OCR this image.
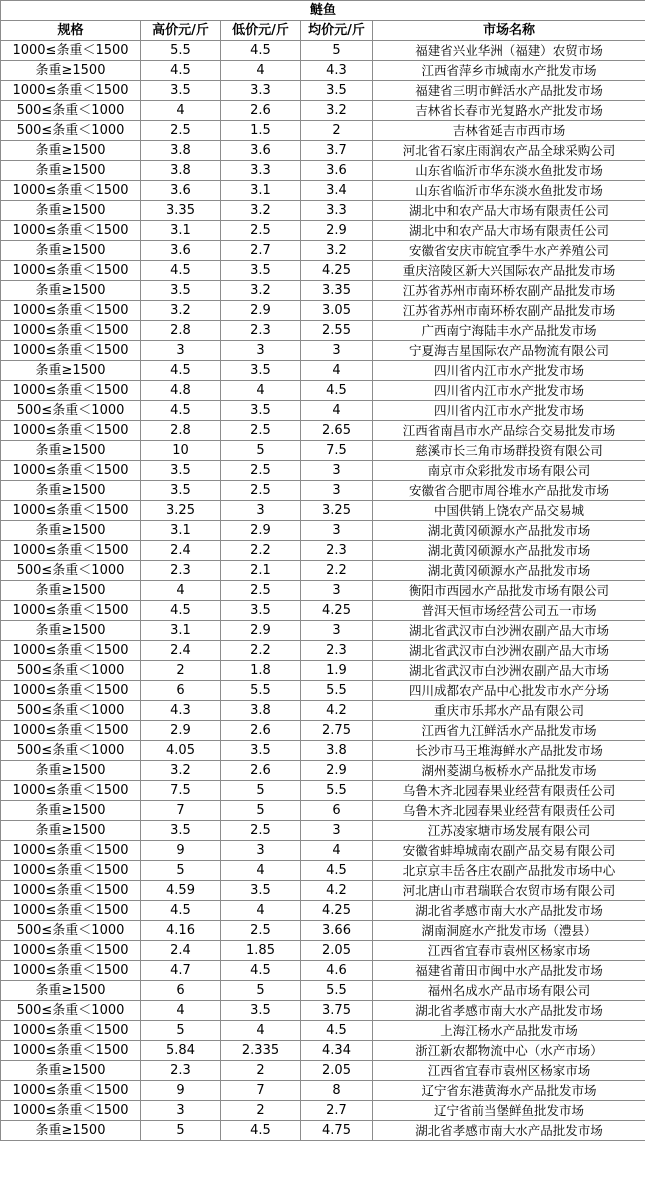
鲢鱼				
规格	高价元/斤	低价元/斤	均价元/斤	市场名称
1000≤条重＜1500	5.5	4.5	5	福建省兴业华洲（福建）农贸市场
条重≥1500	4.5	4	4.3	江西省萍乡市城南水产批发市场
1000≤条重＜1500	3.5	3.3	3.5	福建省三明市鲜活水产品批发市场
500≤条重＜1000	4	2.6	3.2	吉林省长春市光复路水产批发市场
500≤条重＜1000	2.5	1.5	2	吉林省延吉市西市场
条重≥1500	3.8	3.6	3.7	河北省石家庄雨润农产品全球采购公司
条重≥1500	3.8	3.3	3.6	山东省临沂市华东淡水鱼批发市场
1000≤条重＜1500	3.6	3.1	3.4	山东省临沂市华东淡水鱼批发市场
条重≥1500	3.35	3.2	3.3	湖北中和农产品大市场有限责任公司
1000≤条重＜1500	3.1	2.5	2.9	湖北中和农产品大市场有限责任公司
条重≥1500	3.6	2.7	3.2	安徽省安庆市皖宜季牛水产养殖公司
1000≤条重＜1500	4.5	3.5	4.25	重庆涪陵区新大兴国际农产品批发市场
条重≥1500	3.5	3.2	3.35	江苏省苏州市南环桥农副产品批发市场
1000≤条重＜1500	3.2	2.9	3.05	江苏省苏州市南环桥农副产品批发市场
1000≤条重＜1500	2.8	2.3	2.55	广西南宁海陆丰水产品批发市场
1000≤条重＜1500	3	3	3	宁夏海吉星国际农产品物流有限公司
条重≥1500	4.5	3.5	4	四川省内江市水产批发市场
1000≤条重＜1500	4.8	4	4.5	四川省内江市水产批发市场
500≤条重＜1000	4.5	3.5	4	四川省内江市水产批发市场
1000≤条重＜1500	2.8	2.5	2.65	江西省南昌市水产品综合交易批发市场
条重≥1500	10	5	7.5	慈溪市长三角市场群投资有限公司
1000≤条重＜1500	3.5	2.5	3	南京市众彩批发市场有限公司
条重≥1500	3.5	2.5	3	安徽省合肥市周谷堆水产品批发市场
1000≤条重＜1500	3.25	3	3.25	中国供销上饶农产品交易城
条重≥1500	3.1	2.9	3	湖北黄冈硕源水产品批发市场
1000≤条重＜1500	2.4	2.2	2.3	湖北黄冈硕源水产品批发市场
500≤条重＜1000	2.3	2.1	2.2	湖北黄冈硕源水产品批发市场
条重≥1500	4	2.5	3	衡阳市西园水产品批发市场有限公司
1000≤条重＜1500	4.5	3.5	4.25	普洱天恒市场经营公司五一市场
条重≥1500	3.1	2.9	3	湖北省武汉市白沙洲农副产品大市场
1000≤条重＜1500	2.4	2.2	2.3	湖北省武汉市白沙洲农副产品大市场
500≤条重＜1000	2	1.8	1.9	湖北省武汉市白沙洲农副产品大市场
1000≤条重＜1500	6	5.5	5.5	四川成都农产品中心批发市水产分场
500≤条重＜1000	4.3	3.8	4.2	重庆市乐邦水产品有限公司
1000≤条重＜1500	2.9	2.6	2.75	江西省九江鲜活水产品批发市场
500≤条重＜1000	4.05	3.5	3.8	长沙市马王堆海鲜水产品批发市场
条重≥1500	3.2	2.6	2.9	湖州菱湖乌板桥水产品批发市场
1000≤条重＜1500	7.5	5	5.5	乌鲁木齐北园春果业经营有限责任公司
条重≥1500	7	5	6	乌鲁木齐北园春果业经营有限责任公司
条重≥1500	3.5	2.5	3	江苏凌家塘市场发展有限公司
1000≤条重＜1500	9	3	4	安徽省蚌埠城南农副产品交易有限公司
1000≤条重＜1500	5	4	4.5	北京京丰岳各庄农副产品批发市场中心
1000≤条重＜1500	4.59	3.5	4.2	河北唐山市君瑞联合农贸市场有限公司
1000≤条重＜1500	4.5	4	4.25	湖北省孝感市南大水产品批发市场
500≤条重＜1000	4.16	2.5	3.66	湖南洞庭水产批发市场（澧县）
1000≤条重＜1500	2.4	1.85	2.05	江西省宜春市袁州区杨家市场
1000≤条重＜1500	4.7	4.5	4.6	福建省莆田市闽中水产品批发市场
条重≥1500	6	5	5.5	福州名成水产品市场有限公司
500≤条重＜1000	4	3.5	3.75	湖北省孝感市南大水产品批发市场
1000≤条重＜1500	5	4	4.5	上海江杨水产品批发市场
1000≤条重＜1500	5.84	2.335	4.34	浙江新农都物流中心（水产市场）
条重≥1500	2.3	2	2.05	江西省宜春市袁州区杨家市场
1000≤条重＜1500	9	7	8	辽宁省东港黄海水产品批发市场
1000≤条重＜1500	3	2	2.7	辽宁省前当堡鲜鱼批发市场
条重≥1500	5	4.5	4.75	湖北省孝感市南大水产品批发市场
